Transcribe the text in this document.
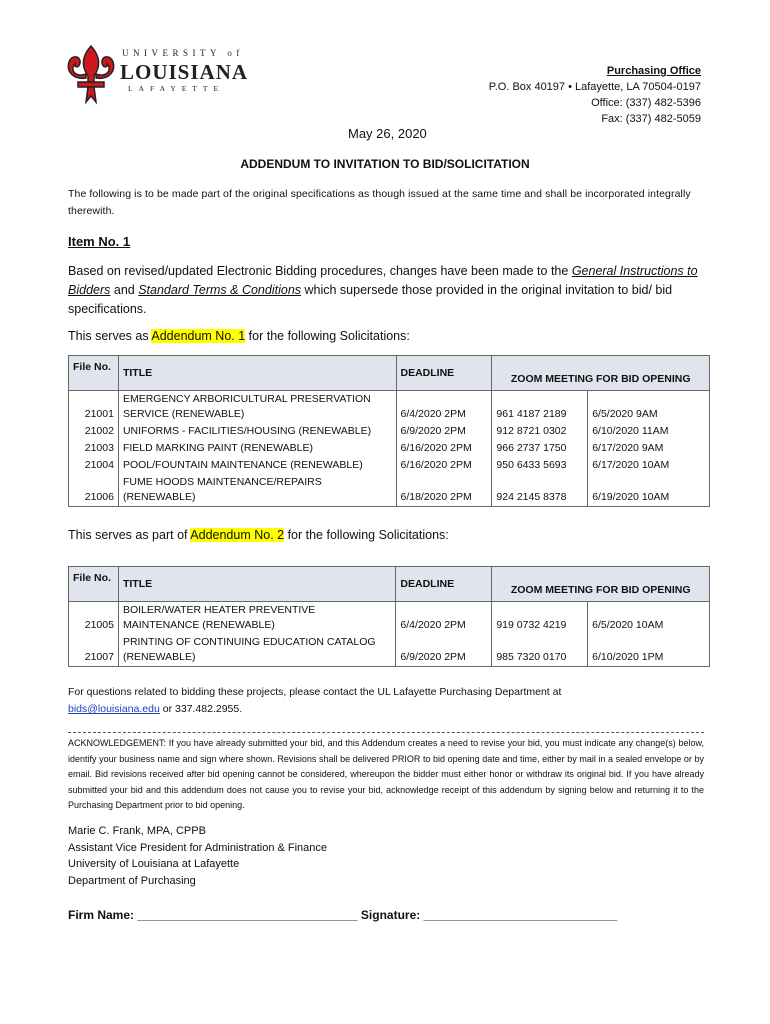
UNIVERSITY of
LOUISIANA
LAFAYETTE
Purchasing Office
P.O. Box 40197 • Lafayette, LA 70504-0197
Office: (337) 482-5396
Fax: (337) 482-5059
May 26, 2020
ADDENDUM TO INVITATION TO BID/SOLICITATION
The following is to be made part of the original specifications as though issued at the same time and shall be incorporated integrally therewith.
Item No. 1
Based on revised/updated Electronic Bidding procedures, changes have been made to the General Instructions to Bidders and Standard Terms & Conditions which supersede those provided in the original invitation to bid/ bid specifications.
This serves as Addendum No. 1 for the following Solicitations:
File No.	TITLE	DEADLINE	ZOOM MEETING FOR BID OPENING	
21001	EMERGENCY ARBORICULTURAL PRESERVATION SERVICE (RENEWABLE)	6/4/2020 2PM	961 4187 2189	6/5/2020 9AM
21002	UNIFORMS - FACILITIES/HOUSING (RENEWABLE)	6/9/2020 2PM	912 8721 0302	6/10/2020 11AM
21003	FIELD MARKING PAINT (RENEWABLE)	6/16/2020 2PM	966 2737 1750	6/17/2020 9AM
21004	POOL/FOUNTAIN MAINTENANCE (RENEWABLE)	6/16/2020 2PM	950 6433 5693	6/17/2020 10AM
21006	FUME HOODS MAINTENANCE/REPAIRS (RENEWABLE)	6/18/2020 2PM	924 2145 8378	6/19/2020 10AM
This serves as part of Addendum No. 2 for the following Solicitations:
File No.	TITLE	DEADLINE	ZOOM MEETING FOR BID OPENING	
21005	BOILER/WATER HEATER PREVENTIVE MAINTENANCE (RENEWABLE)	6/4/2020 2PM	919 0732 4219	6/5/2020 10AM
21007	PRINTING OF CONTINUING EDUCATION CATALOG (RENEWABLE)	6/9/2020 2PM	985 7320 0170	6/10/2020 1PM
For questions related to bidding these projects, please contact the UL Lafayette Purchasing Department at
bids@louisiana.edu or 337.482.2955.
ACKNOWLEDGEMENT: If you have already submitted your bid, and this Addendum creates a need to revise your bid, you must indicate any change(s) below, identify your business name and sign where shown. Revisions shall be delivered PRIOR to bid opening date and time, either by mail in a sealed envelope or by email. Bid revisions received after bid opening cannot be considered, whereupon the bidder must either honor or withdraw its original bid. If you have already submitted your bid and this addendum does not cause you to revise your bid, acknowledge receipt of this addendum by signing below and returning it to the Purchasing Department prior to bid opening.
Marie C. Frank, MPA, CPPB
Assistant Vice President for Administration & Finance
University of Louisiana at Lafayette
Department of Purchasing
Firm Name: _________________________________ Signature: _____________________________
